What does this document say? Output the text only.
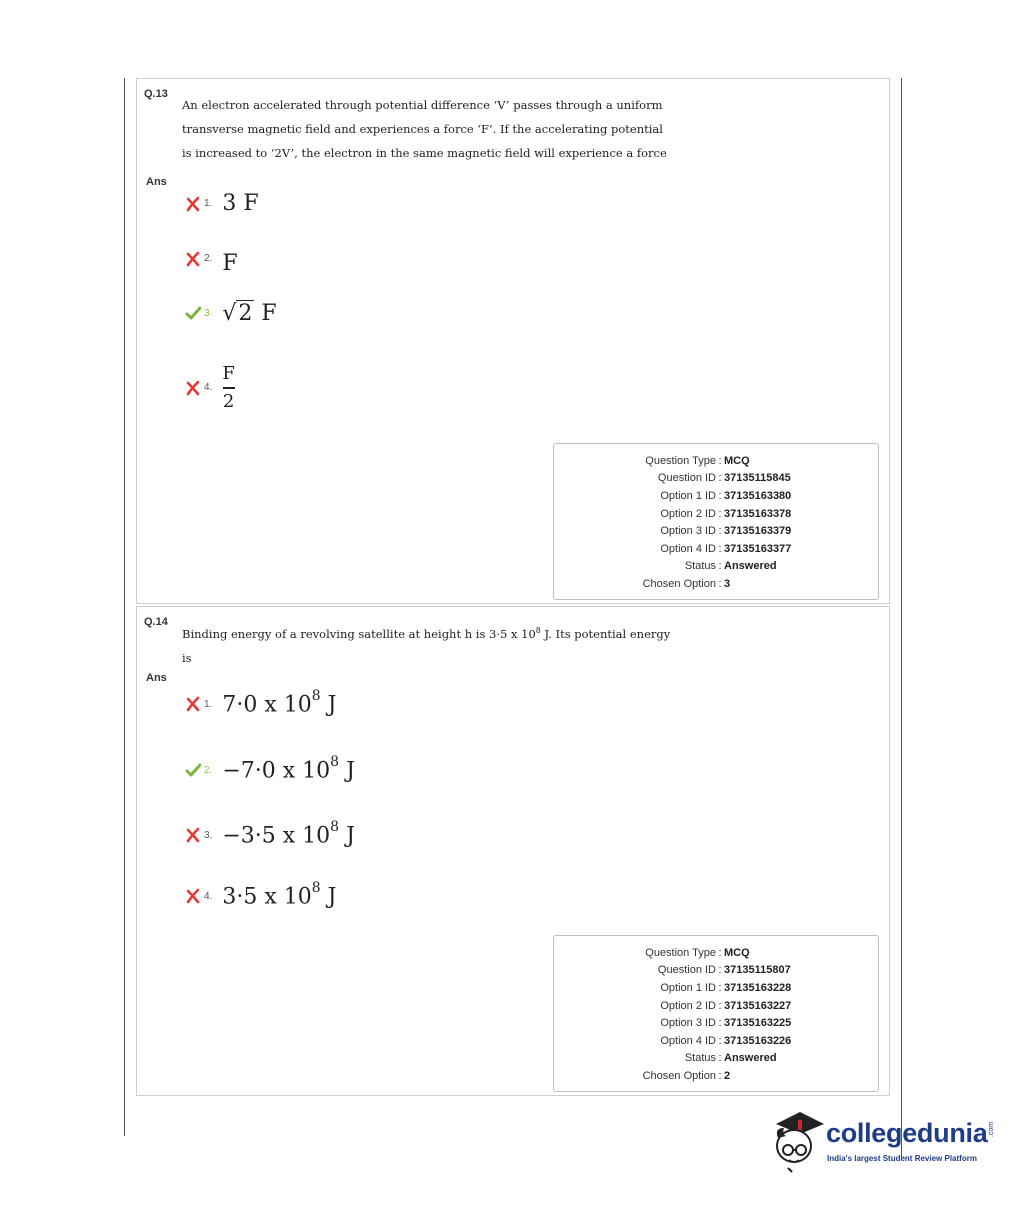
Q.13
An electron accelerated through potential difference ‘V’ passes through a uniform
transverse magnetic field and experiences a force ‘F’. If the accelerating potential
is increased to ‘2V’, the electron in the same magnetic field will experience a force
Ans
1. 3 F
2. F
3. √ 2 F
4. $\frac{F}{2}$
Question Type : MCQ
Question ID : 37135115845
Option 1 ID : 37135163380
Option 2 ID : 37135163378
Option 3 ID : 37135163379
Option 4 ID : 37135163377
Status : Answered
Chosen Option : 3
Q.14
Binding energy of a revolving satellite at height h is 3·5 x $10^8$ J. Its potential energy
is
Ans
1. 7·0 x $10^8$ J
2. −7·0 x $10^8$ J
3. −3·5 x $10^8$ J
4. 3·5 x $10^8$ J
Question Type : MCQ
Question ID : 37135115807
Option 1 ID : 37135163228
Option 2 ID : 37135163227
Option 3 ID : 37135163225
Option 4 ID : 37135163226
Status : Answered
Chosen Option : 2
collegedunia .com
India's largest Student Review Platform
